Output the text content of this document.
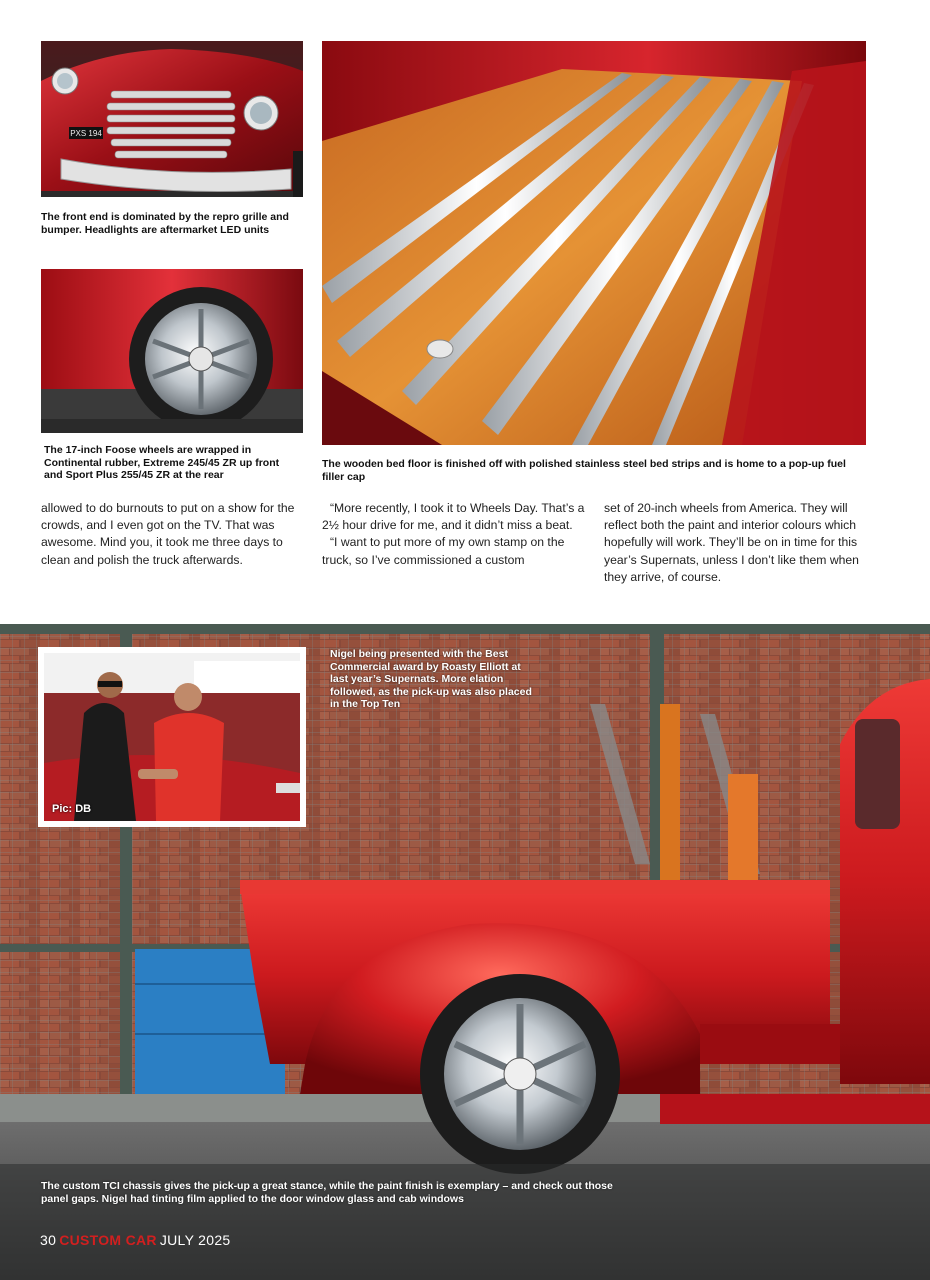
PXS 194
The front end is dominated by the repro grille and bumper. Headlights are aftermarket LED units
The 17-inch Foose wheels are wrapped in Continental rubber, Extreme 245/45 ZR up front and Sport Plus 255/45 ZR at the rear
The wooden bed floor is finished off with polished stainless steel bed strips and is home to a pop-up fuel filler cap

allowed to do burnouts to put on a show for the crowds, and I even got on the TV. That was awesome. Mind you, it took me three days to clean and polish the truck afterwards.

“More recently, I took it to Wheels Day. That’s a 2½ hour drive for me, and it didn’t miss a beat.

“I want to put more of my own stamp on the truck, so I’ve commissioned a custom

set of 20-inch wheels from America. They will reflect both the paint and interior colours which hopefully will work. They’ll be on in time for this year’s Supernats, unless I don’t like them when they arrive, of course.

Pic: DB
Nigel being presented with the Best Commercial award by Roasty Elliott at last year’s Supernats. More elation followed, as the pick-up was also placed in the Top Ten
The custom TCI chassis gives the pick-up a great stance, while the paint finish is exemplary – and check out those panel gaps. Nigel had tinting film applied to the door window glass and cab windows
30 CUSTOM CAR JULY 2025
